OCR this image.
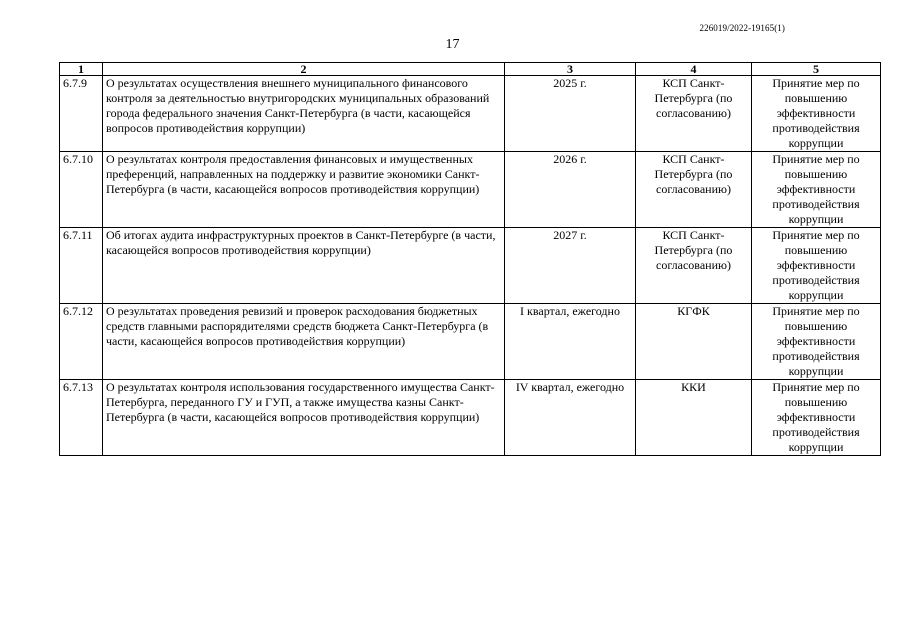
226019/2022-19165(1)
17
1	2	3	4	5
6.7.9	О результатах осуществления внешнего муниципального финансового контроля за деятельностью внутригородских муниципальных образований города федерального значения Санкт-Петербурга (в части, касающейся вопросов противодействия коррупции)	2025 г.	КСП Санкт-Петербурга (по согласованию)	Принятие мер по повышению эффективности противодействия коррупции
6.7.10	О результатах контроля предоставления финансовых и имущественных преференций, направленных на поддержку и развитие экономики Санкт-Петербурга (в части, касающейся вопросов противодействия коррупции)	2026 г.	КСП Санкт-Петербурга (по согласованию)	Принятие мер по повышению эффективности противодействия коррупции
6.7.11	Об итогах аудита инфраструктурных проектов в Санкт-Петербурге (в части, касающейся вопросов противодействия коррупции)	2027 г.	КСП Санкт-Петербурга (по согласованию)	Принятие мер по повышению эффективности противодействия коррупции
6.7.12	О результатах проведения ревизий и проверок расходования бюджетных средств главными распорядителями средств бюджета Санкт-Петербурга (в части, касающейся вопросов противодействия коррупции)	I квартал, ежегодно	КГФК	Принятие мер по повышению эффективности противодействия коррупции
6.7.13	О результатах контроля использования государственного имущества Санкт-Петербурга, переданного ГУ и ГУП, а также имущества казны Санкт-Петербурга (в части, касающейся вопросов противодействия коррупции)	IV квартал, ежегодно	ККИ	Принятие мер по повышению эффективности противодействия коррупции
